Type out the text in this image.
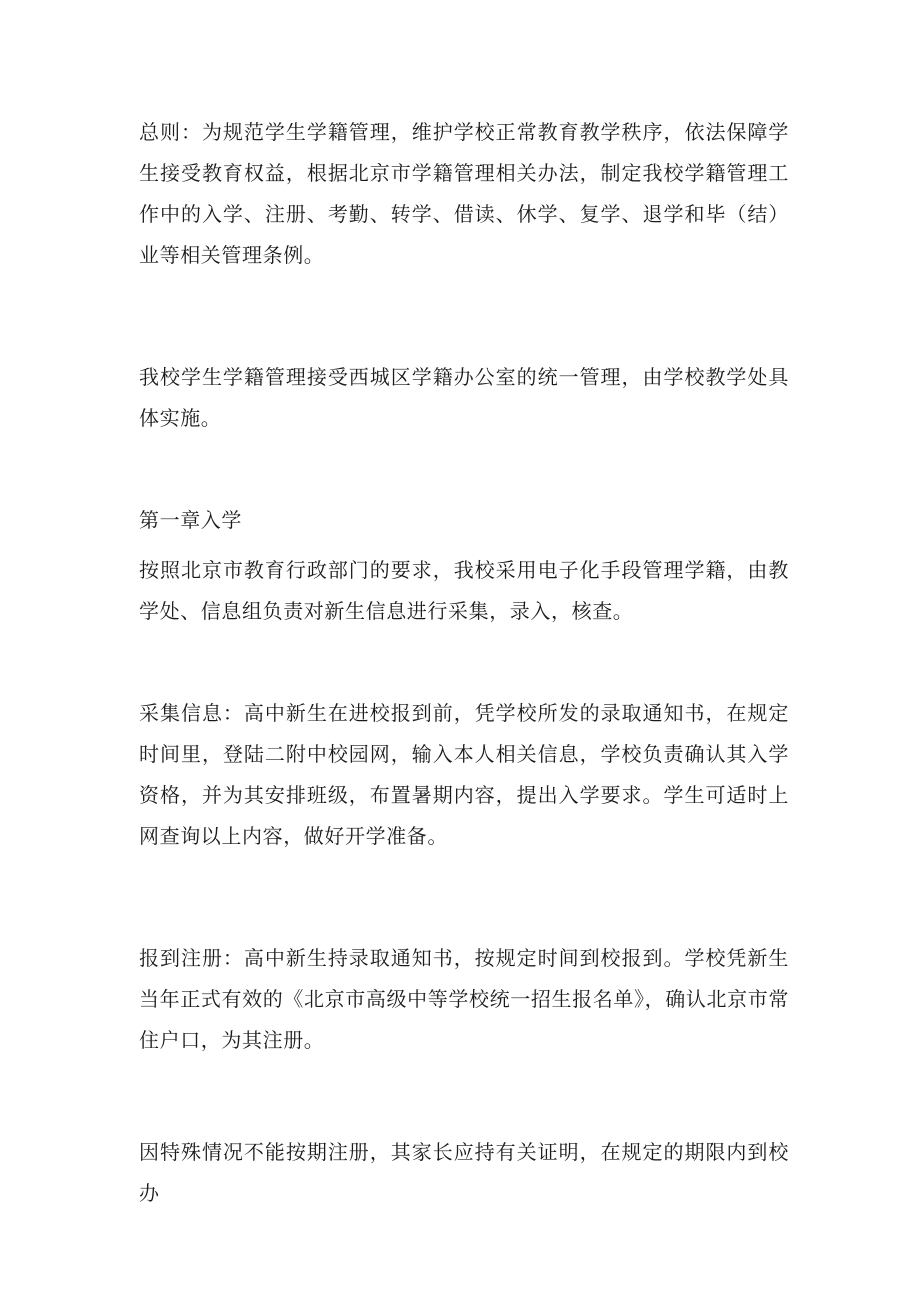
总则：为规范学生学籍管理，维护学校正常教育教学秩序，依法保障学生接受教育权益，根据北京市学籍管理相关办法，制定我校学籍管理工作中的入学、注册、考勤、转学、借读、休学、复学、退学和毕（结）业等相关管理条例。

我校学生学籍管理接受西城区学籍办公室的统一管理，由学校教学处具体实施。

第一章入学

按照北京市教育行政部门的要求，我校采用电子化手段管理学籍，由教学处、信息组负责对新生信息进行采集，录入，核查。

采集信息：高中新生在进校报到前，凭学校所发的录取通知书，在规定时间里，登陆二附中校园网，输入本人相关信息，学校负责确认其入学资格，并为其安排班级，布置暑期内容，提出入学要求。学生可适时上网查询以上内容，做好开学准备。

报到注册：高中新生持录取通知书，按规定时间到校报到。学校凭新生当年正式有效的《北京市高级中等学校统一招生报名单》，确认北京市常住户口，为其注册。

因特殊情况不能按期注册，其家长应持有关证明，在规定的期限内到校办
